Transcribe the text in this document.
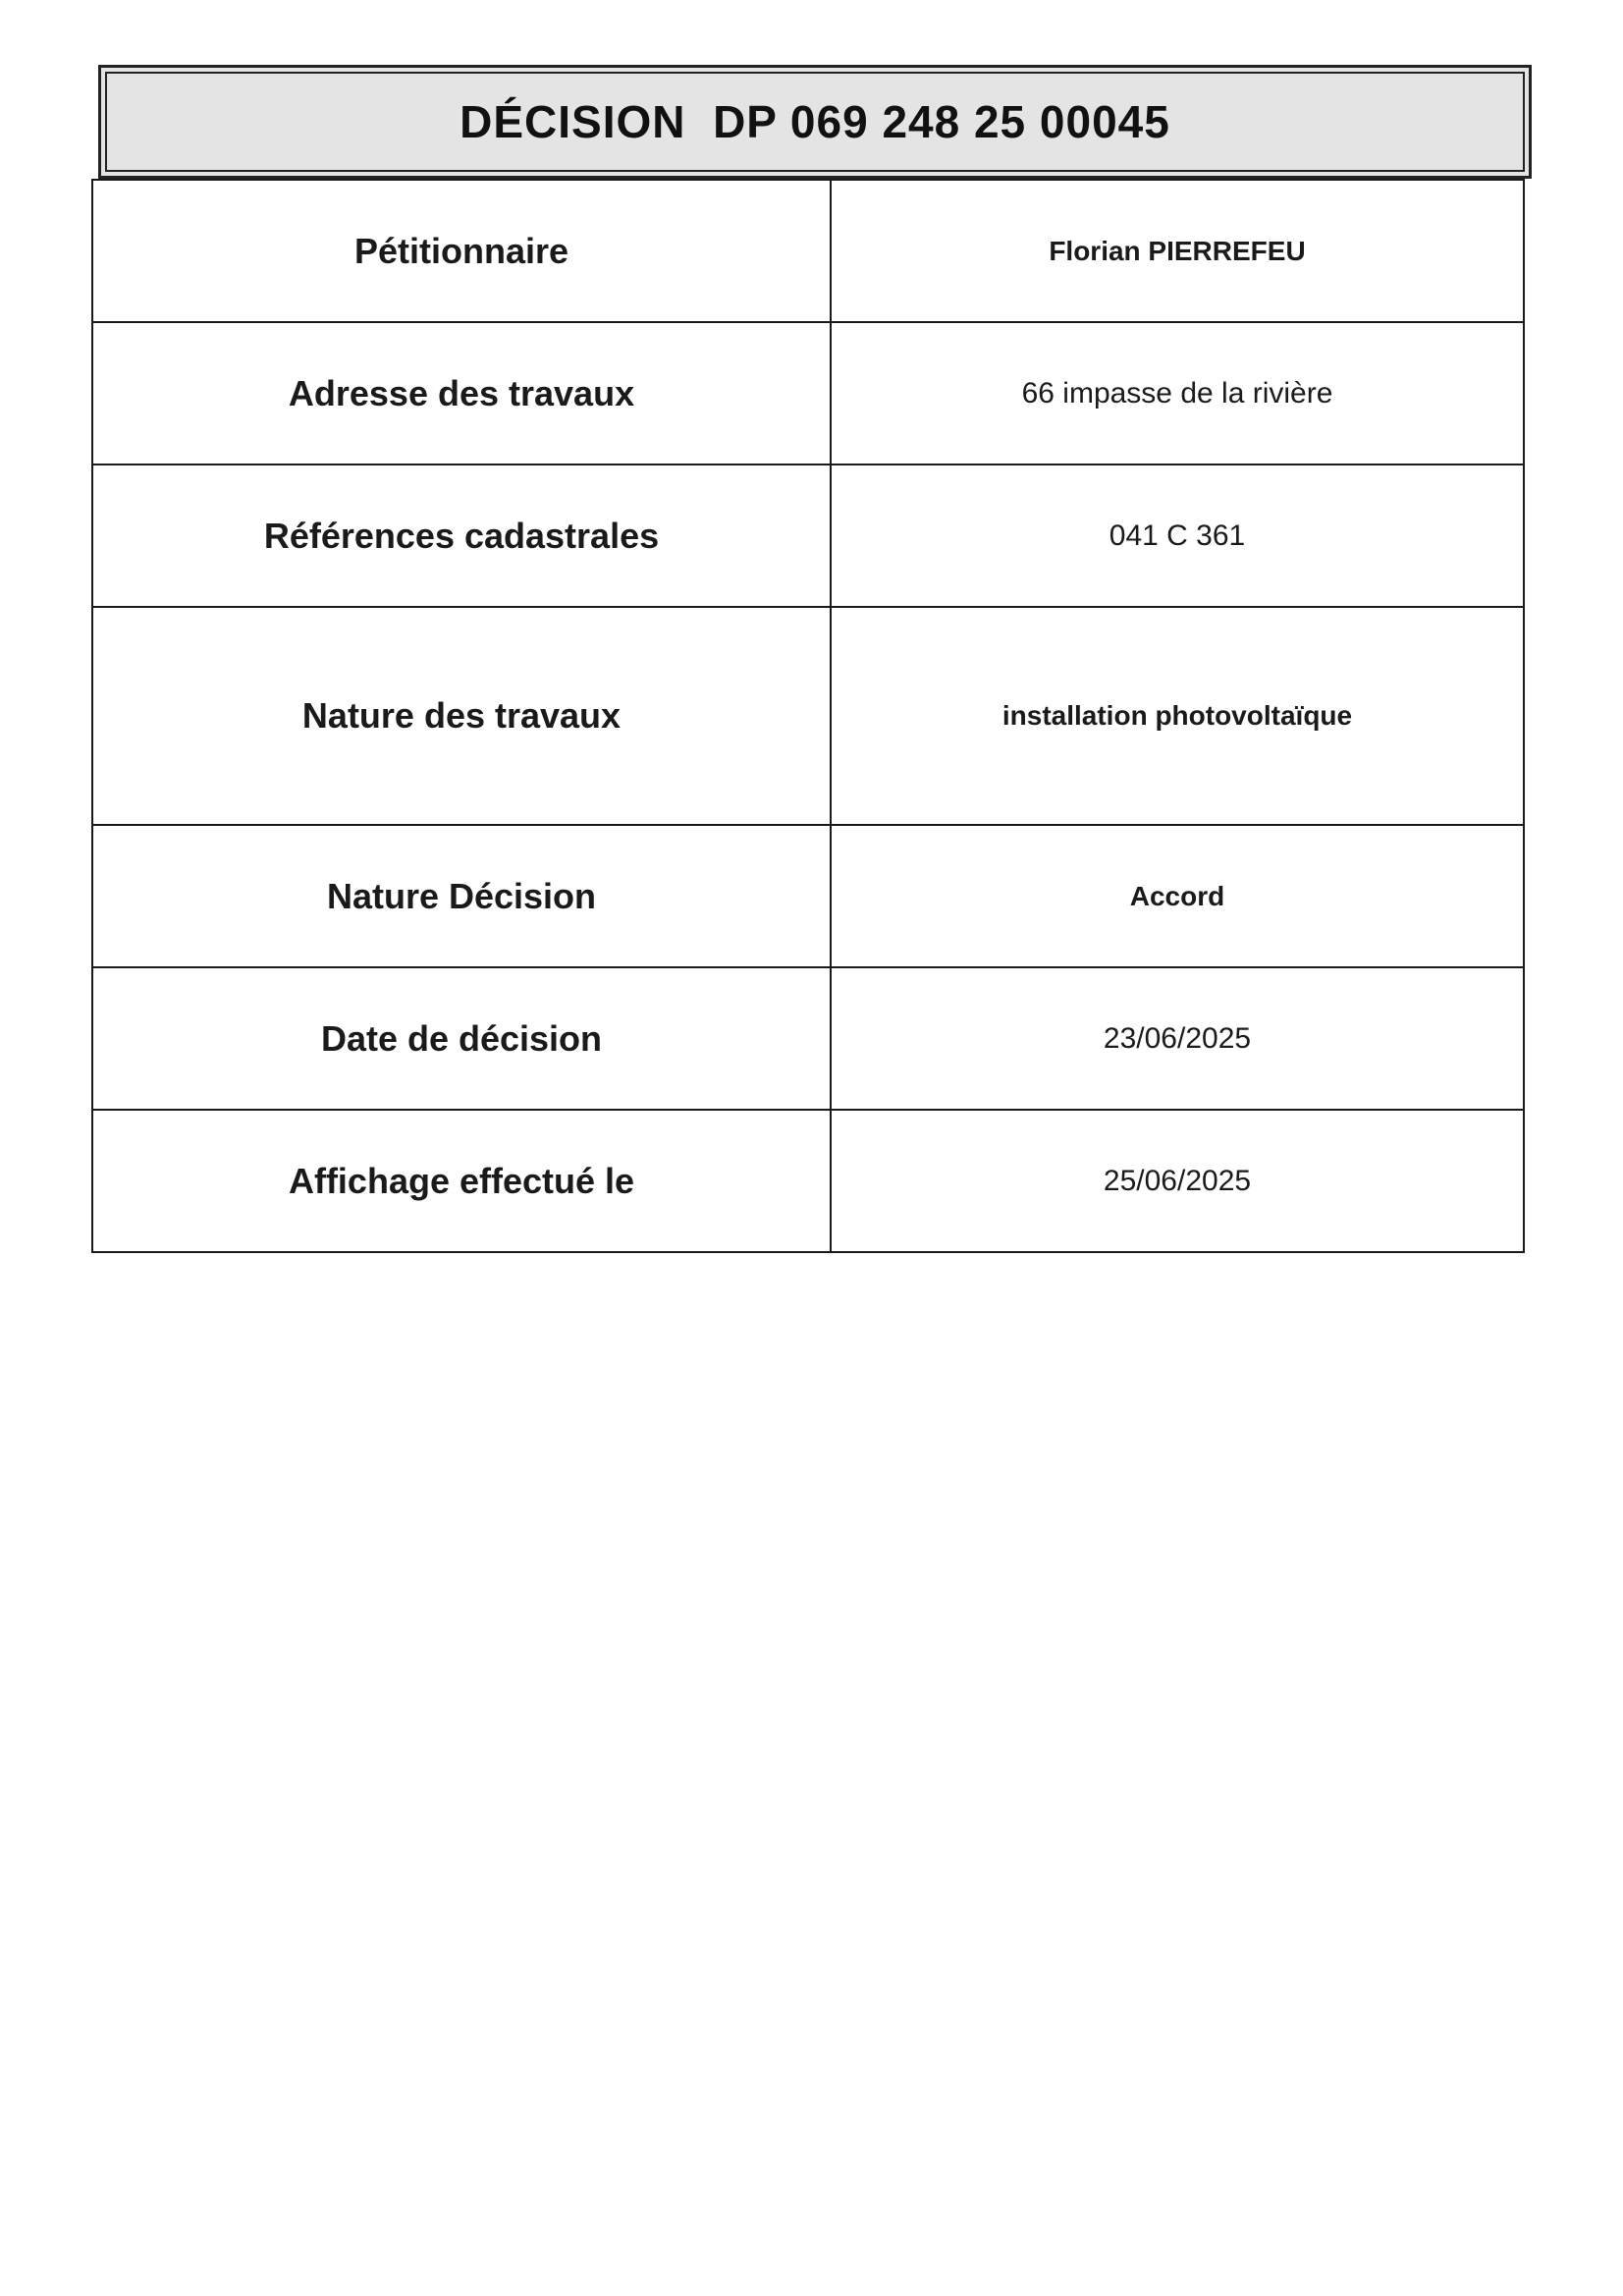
DÉCISION  DP 069 248 25 00045
Pétitionnaire	Florian PIERREFEU
Adresse des travaux	66 impasse de la rivière
Références cadastrales	041 C 361
Nature des travaux	installation photovoltaïque
Nature Décision	Accord
Date de décision	23/06/2025
Affichage effectué le	25/06/2025
